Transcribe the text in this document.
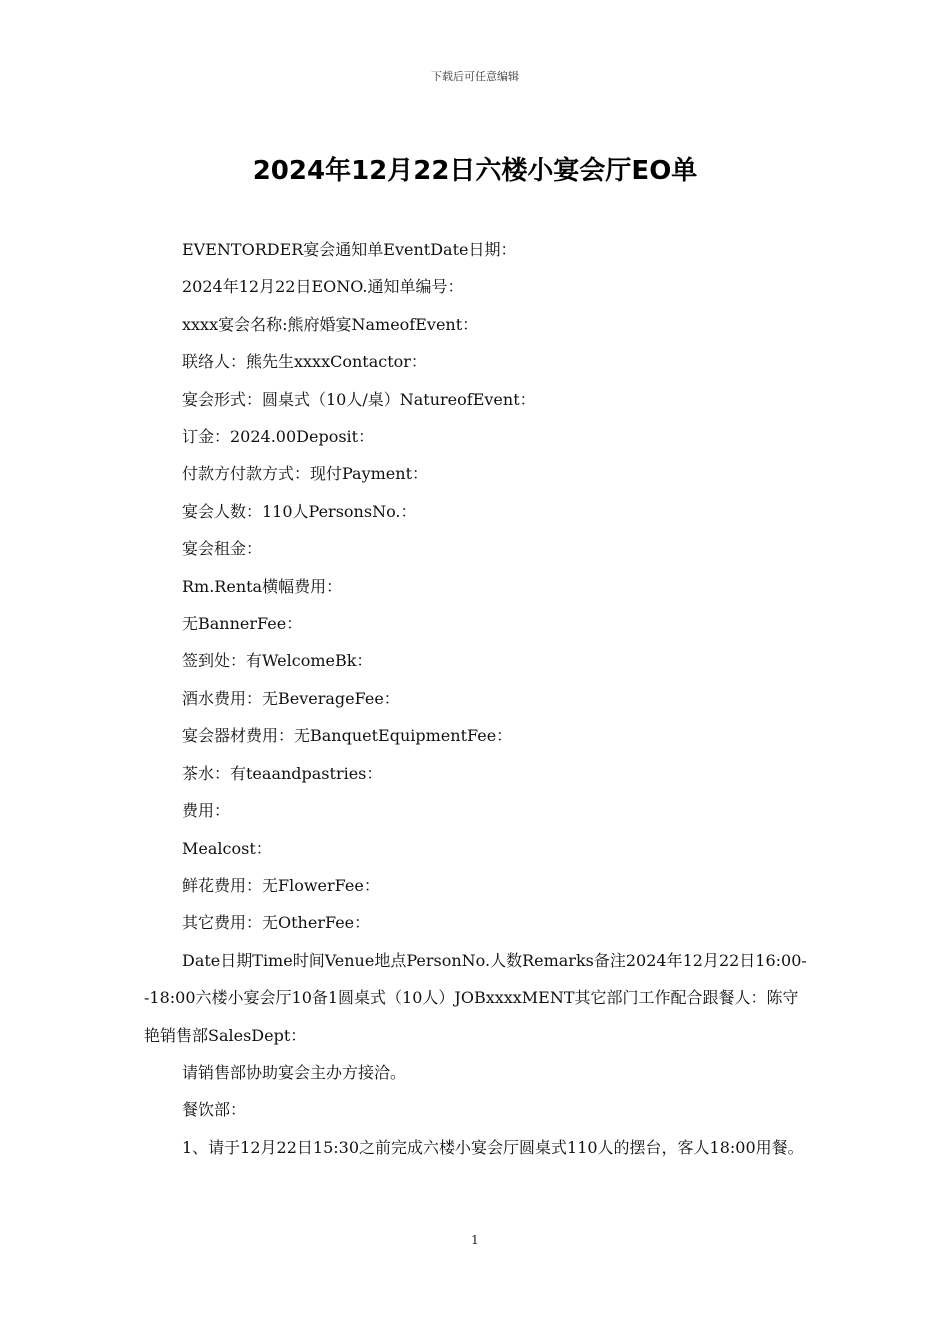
下载后可任意编辑
2024年12月22日六楼小宴会厅EO单

EVENTORDER宴会通知单EventDate日期：

2024年12月22日EONO.通知单编号：

xxxx宴会名称:熊府婚宴NameofEvent：

联络人：熊先生xxxxContactor：

宴会形式：圆桌式（10人/桌）NatureofEvent：

订金：2024.00Deposit：

付款方付款方式：现付Payment：

宴会人数：110人PersonsNo.：

宴会租金：

Rm.Renta横幅费用：

无BannerFee：

签到处：有WelcomeBk：

酒水费用：无BeverageFee：

宴会器材费用：无BanquetEquipmentFee：

茶水：有teaandpastries：

费用：

Mealcost：

鲜花费用：无FlowerFee：

其它费用：无OtherFee：

Date日期Time时间Venue地点PersonNo.人数Remarks备注2024年12月22日16:00--18:00六楼小宴会厅10备1圆桌式（10人）JOBxxxxMENT其它部门工作配合跟餐人：陈守艳销售部SalesDept：

请销售部协助宴会主办方接洽。

餐饮部：

1、请于12月22日15:30之前完成六楼小宴会厅圆桌式110人的摆台，客人18:00用餐。

1
